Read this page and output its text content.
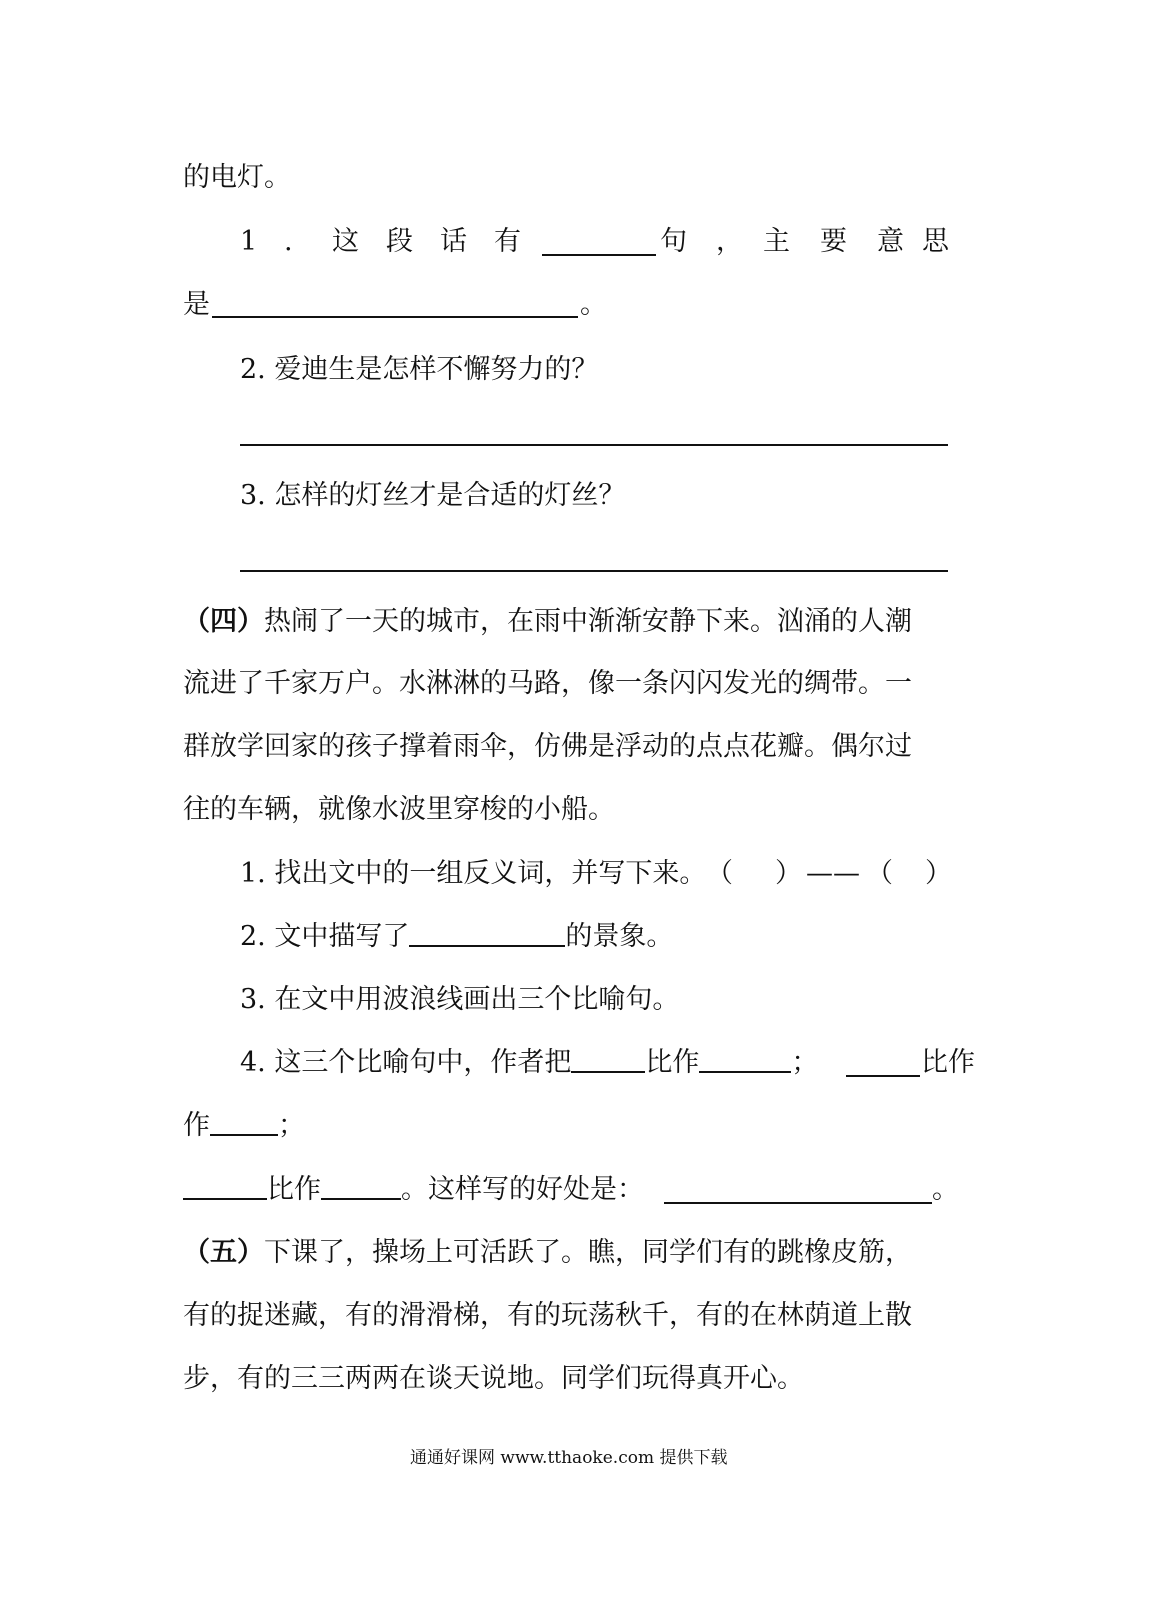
的电灯。
1 . 这 段 话 有	句 ， 主 要 意 思
是	。
2. 爱迪生是怎样不懈努力的？
3. 怎样的灯丝才是合适的灯丝？
（四）热闹了一天的城市，在雨中渐渐安静下来。汹涌的人潮
流进了千家万户。水淋淋的马路，像一条闪闪发光的绸带。一
群放学回家的孩子撑着雨伞，仿佛是浮动的点点花瓣。偶尔过
往的车辆，就像水波里穿梭的小船。
1. 找出文中的一组反义词，并写下来。 （ ） —— （ ）
2. 文中描写了	的景象。
3. 在文中用波浪线画出三个比喻句。
4. 这三个比喻句中，作者把	比作	；	比作
作	；
比作	。这样写的好处是：	。
（五）下课了，操场上可活跃了。瞧，同学们有的跳橡皮筋，
有的捉迷藏，有的滑滑梯，有的玩荡秋千，有的在林荫道上散
步，有的三三两两在谈天说地。同学们玩得真开心。
通通好课网 www.tthaoke.com 提供下载
